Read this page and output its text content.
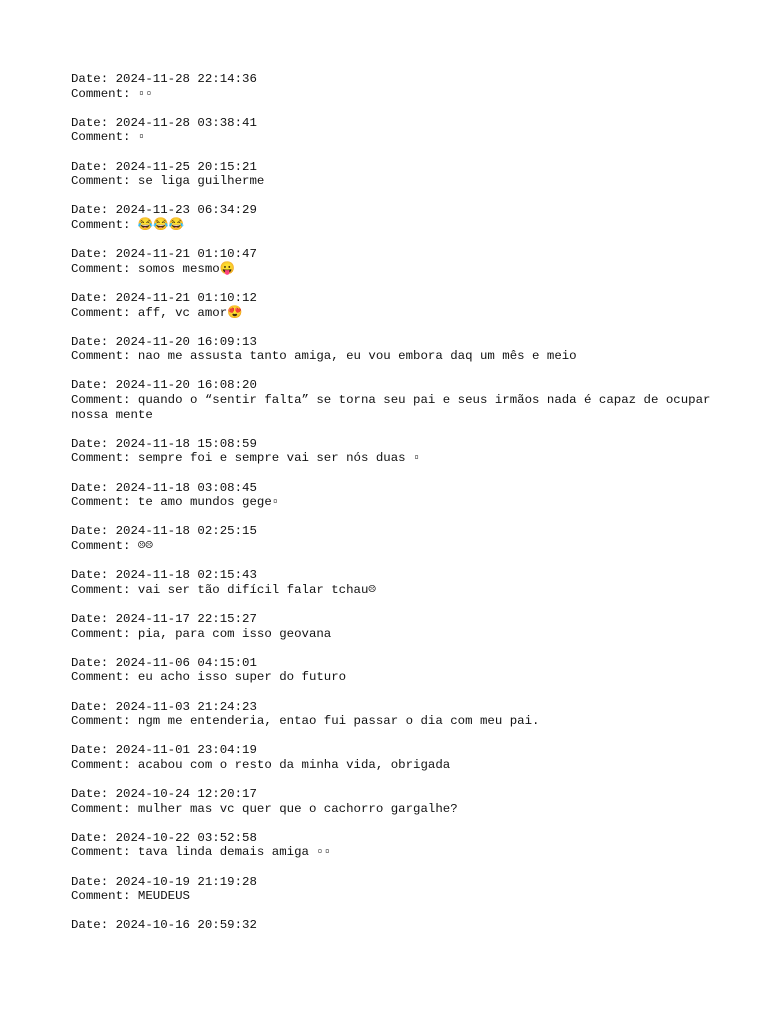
Date: 2024-11-28 22:14:36
Comment: ▫▫
Date: 2024-11-28 03:38:41
Comment: ▫
Date: 2024-11-25 20:15:21
Comment: se liga guilherme
Date: 2024-11-23 06:34:29
Comment: 😂😂😂
Date: 2024-11-21 01:10:47
Comment: somos mesmo😛
Date: 2024-11-21 01:10:12
Comment: aff, vc amor😍
Date: 2024-11-20 16:09:13
Comment: nao me assusta tanto amiga, eu vou embora daq um mês e meio
Date: 2024-11-20 16:08:20
Comment: quando o “sentir falta” se torna seu pai e seus irmãos nada é capaz de ocupar nossa mente
Date: 2024-11-18 15:08:59
Comment: sempre foi e sempre vai ser nós duas ▫
Date: 2024-11-18 03:08:45
Comment: te amo mundos gege▫
Date: 2024-11-18 02:25:15
Comment: ☹☹
Date: 2024-11-18 02:15:43
Comment: vai ser tão difícil falar tchau☹
Date: 2024-11-17 22:15:27
Comment: pia, para com isso geovana
Date: 2024-11-06 04:15:01
Comment: eu acho isso super do futuro
Date: 2024-11-03 21:24:23
Comment: ngm me entenderia, entao fui passar o dia com meu pai.
Date: 2024-11-01 23:04:19
Comment: acabou com o resto da minha vida, obrigada
Date: 2024-10-24 12:20:17
Comment: mulher mas vc quer que o cachorro gargalhe?
Date: 2024-10-22 03:52:58
Comment: tava linda demais amiga ▫▫
Date: 2024-10-19 21:19:28
Comment: MEUDEUS
Date: 2024-10-16 20:59:32
